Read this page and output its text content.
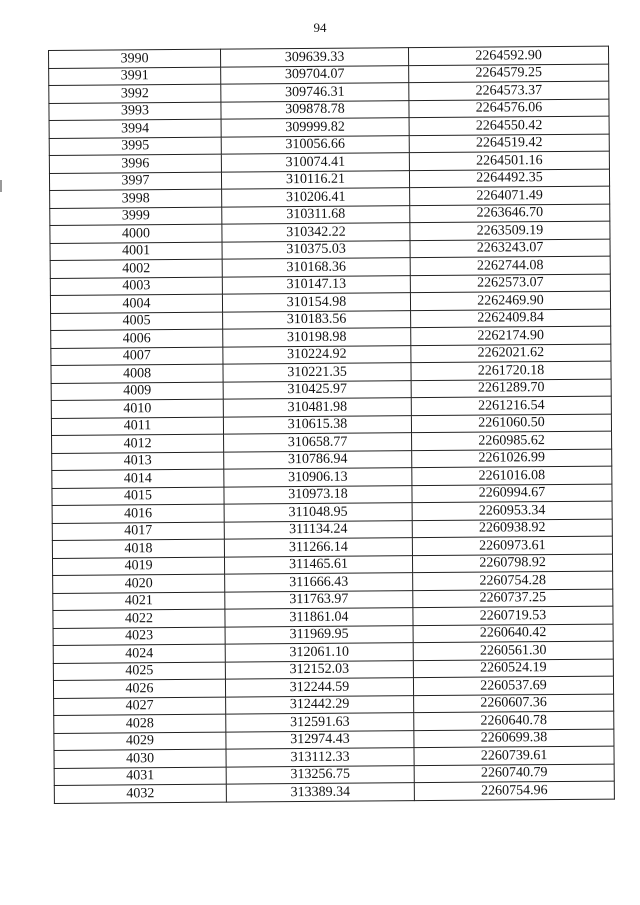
94
3990	309639.33	2264592.90
3991	309704.07	2264579.25
3992	309746.31	2264573.37
3993	309878.78	2264576.06
3994	309999.82	2264550.42
3995	310056.66	2264519.42
3996	310074.41	2264501.16
3997	310116.21	2264492.35
3998	310206.41	2264071.49
3999	310311.68	2263646.70
4000	310342.22	2263509.19
4001	310375.03	2263243.07
4002	310168.36	2262744.08
4003	310147.13	2262573.07
4004	310154.98	2262469.90
4005	310183.56	2262409.84
4006	310198.98	2262174.90
4007	310224.92	2262021.62
4008	310221.35	2261720.18
4009	310425.97	2261289.70
4010	310481.98	2261216.54
4011	310615.38	2261060.50
4012	310658.77	2260985.62
4013	310786.94	2261026.99
4014	310906.13	2261016.08
4015	310973.18	2260994.67
4016	311048.95	2260953.34
4017	311134.24	2260938.92
4018	311266.14	2260973.61
4019	311465.61	2260798.92
4020	311666.43	2260754.28
4021	311763.97	2260737.25
4022	311861.04	2260719.53
4023	311969.95	2260640.42
4024	312061.10	2260561.30
4025	312152.03	2260524.19
4026	312244.59	2260537.69
4027	312442.29	2260607.36
4028	312591.63	2260640.78
4029	312974.43	2260699.38
4030	313112.33	2260739.61
4031	313256.75	2260740.79
4032	313389.34	2260754.96
